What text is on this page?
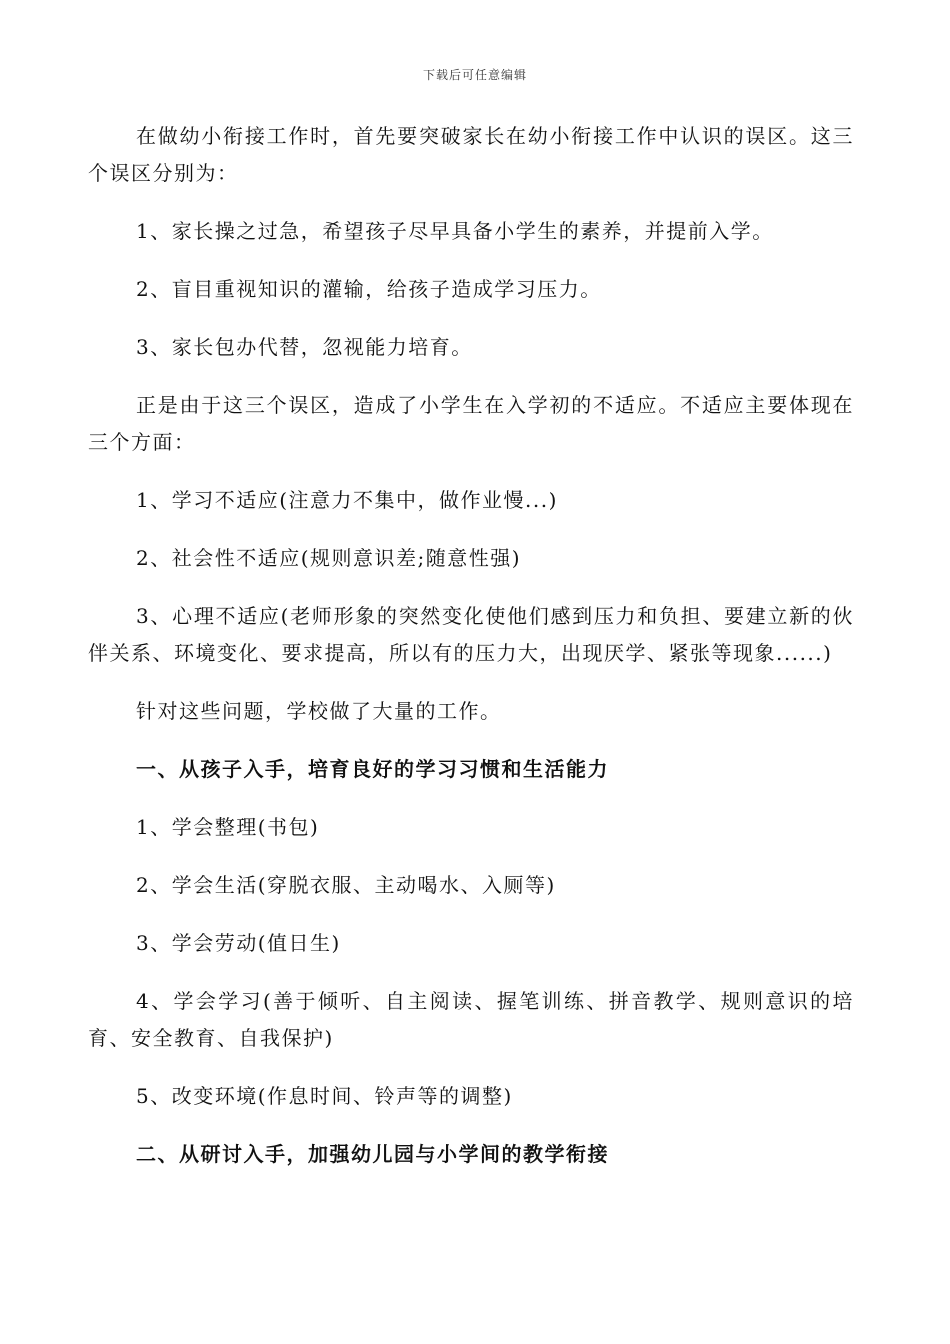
下载后可任意编辑

在做幼小衔接工作时，首先要突破家长在幼小衔接工作中认识的误区。这三个误区分别为：

1、家长操之过急，希望孩子尽早具备小学生的素养，并提前入学。

2、盲目重视知识的灌输，给孩子造成学习压力。

3、家长包办代替，忽视能力培育。

正是由于这三个误区，造成了小学生在入学初的不适应。不适应主要体现在三个方面：

1、学习不适应(注意力不集中，做作业慢...)

2、社会性不适应(规则意识差;随意性强)

3、心理不适应(老师形象的突然变化使他们感到压力和负担、要建立新的伙伴关系、环境变化、要求提高，所以有的压力大，出现厌学、紧张等现象......)

针对这些问题，学校做了大量的工作。

一、从孩子入手，培育良好的学习习惯和生活能力

1、学会整理(书包)

2、学会生活(穿脱衣服、主动喝水、入厕等)

3、学会劳动(值日生)

4、学会学习(善于倾听、自主阅读、握笔训练、拼音教学、规则意识的培育、安全教育、自我保护)

5、改变环境(作息时间、铃声等的调整)

二、从研讨入手，加强幼儿园与小学间的教学衔接
